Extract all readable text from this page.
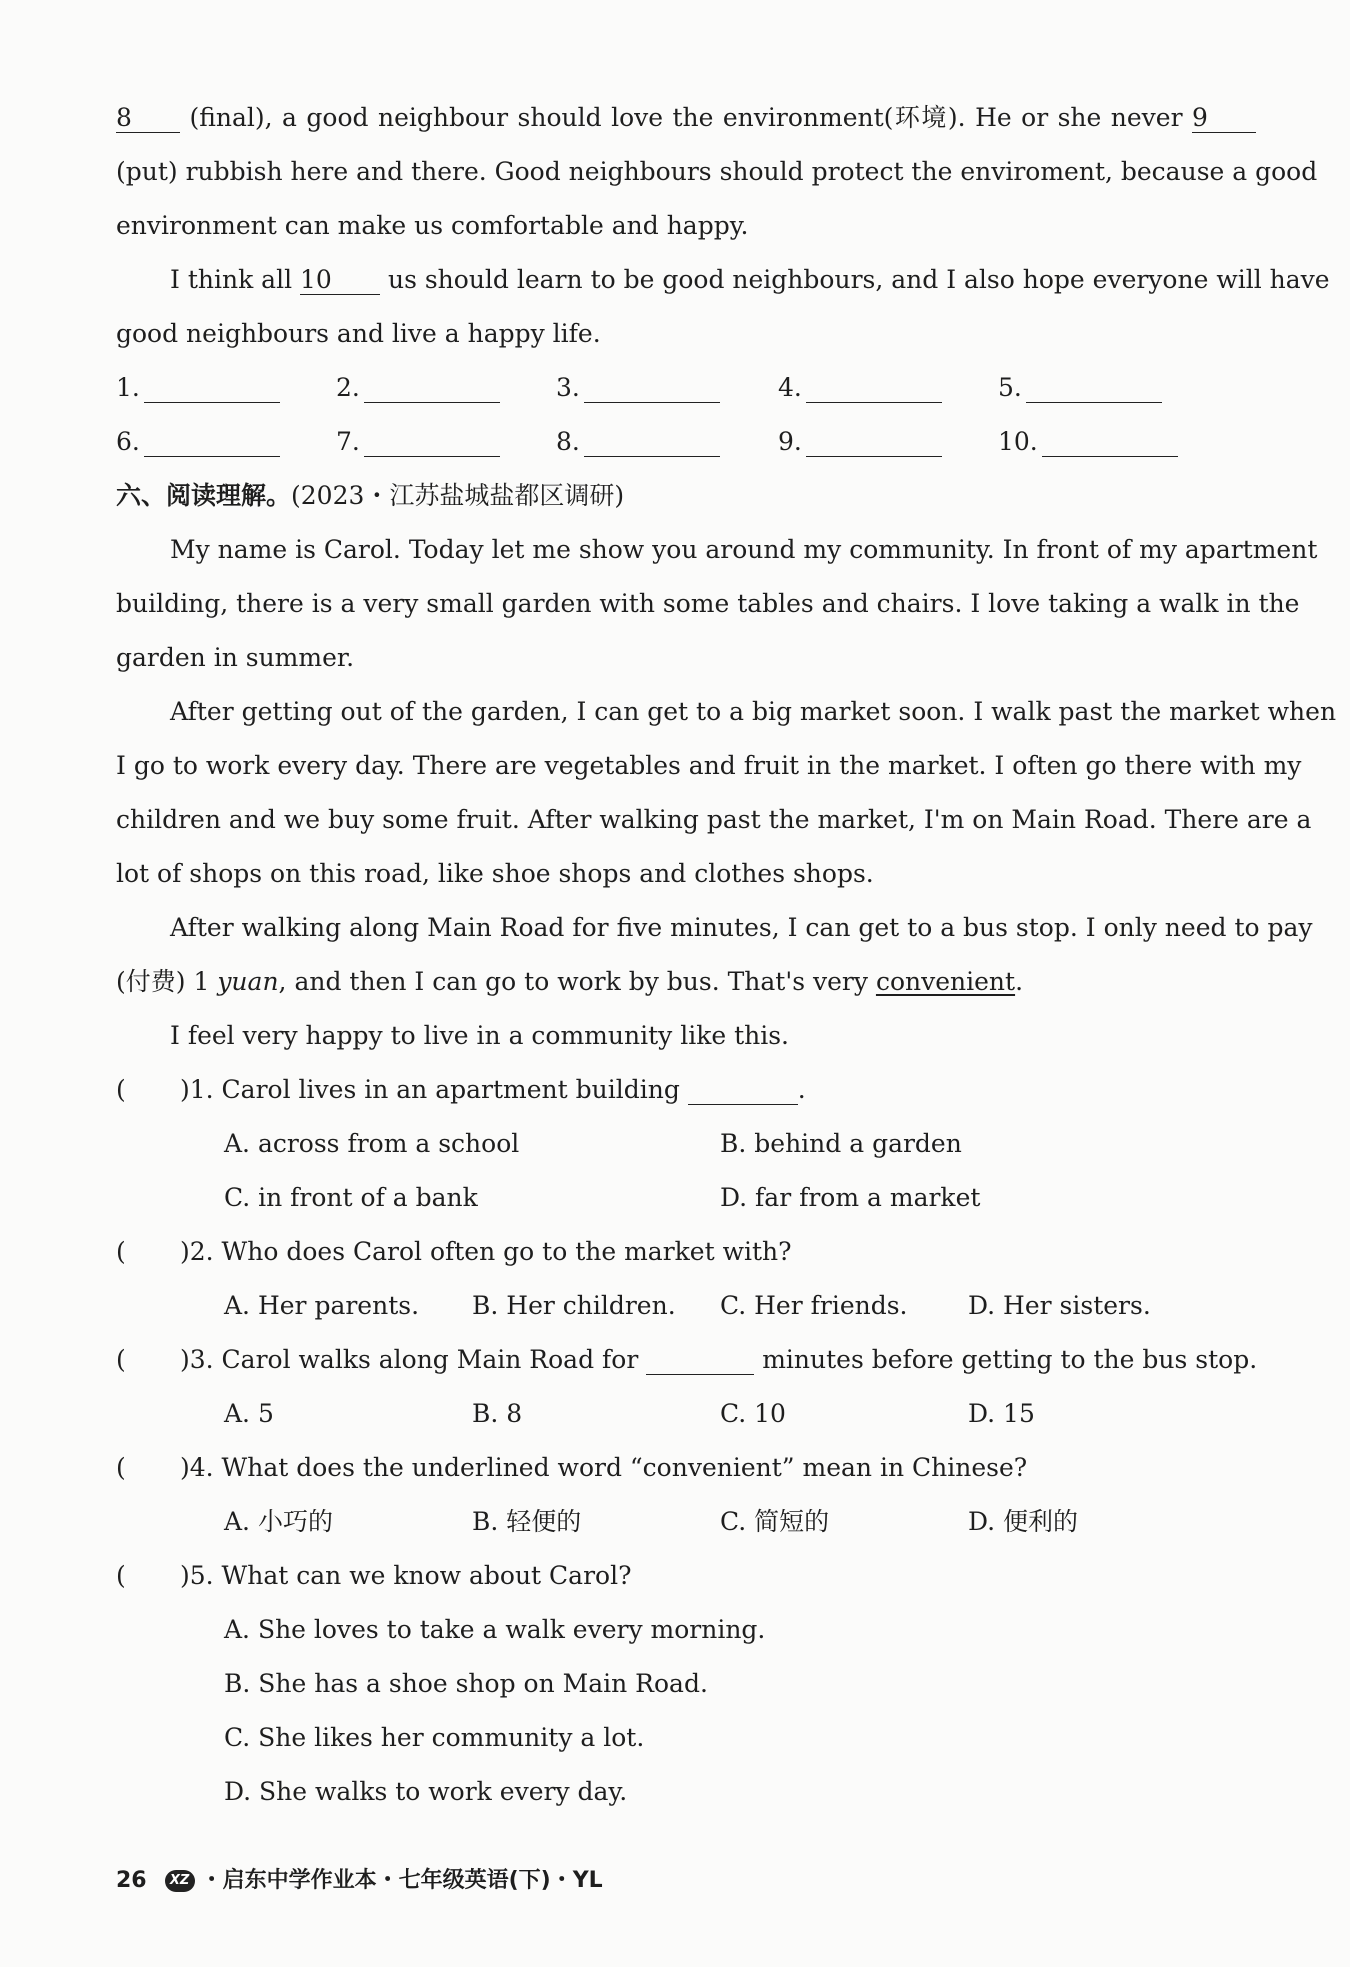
8 (final), a good neighbour should love the environment(环境). He or she never 9
(put) rubbish here and there. Good neighbours should protect the enviroment, because a good
environment can make us comfortable and happy.
I think all 10 us should learn to be good neighbours, and I also hope everyone will have
good neighbours and live a happy life.
1.	2.	3.	4.	5.
6.	7.	8.	9.	10.
六、阅读理解。(2023・江苏盐城盐都区调研)
My name is Carol. Today let me show you around my community. In front of my apartment
building, there is a very small garden with some tables and chairs. I love taking a walk in the
garden in summer.
After getting out of the garden, I can get to a big market soon. I walk past the market when
I go to work every day. There are vegetables and fruit in the market. I often go there with my
children and we buy some fruit. After walking past the market, I'm on Main Road. There are a
lot of shops on this road, like shoe shops and clothes shops.
After walking along Main Road for five minutes, I can get to a bus stop. I only need to pay
(付费) 1 yuan, and then I can go to work by bus. That's very convenient.
I feel very happy to live in a community like this.
( )1. Carol lives in an apartment building	.
A. across from a school	B. behind a garden
C. in front of a bank	D. far from a market
( )2. Who does Carol often go to the market with?
A. Her parents. B. Her children. C. Her friends. D. Her sisters.
( )3. Carol walks along Main Road for	minutes before getting to the bus stop.
A. 5	B. 8	C. 10	D. 15
( )4. What does the underlined word “convenient” mean in Chinese?
A. 小巧的	B. 轻便的	C. 简短的	D. 便利的
( )5. What can we know about Carol?
A. She loves to take a walk every morning.
B. She has a shoe shop on Main Road.
C. She likes her community a lot.
D. She walks to work every day.
26 XZ ・启东中学作业本・七年级英语(下)・YL
